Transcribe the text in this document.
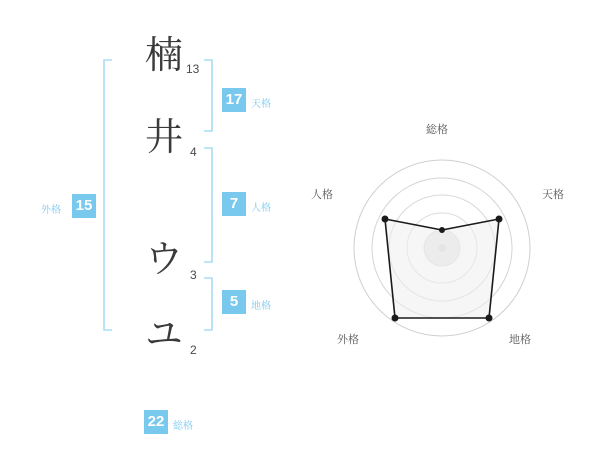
楠 13
井 4
ウ 3
ユ 2
17 天格
7	人格
5	地格
外格 15
22 総格
総格
天格
地格
外格
人格
